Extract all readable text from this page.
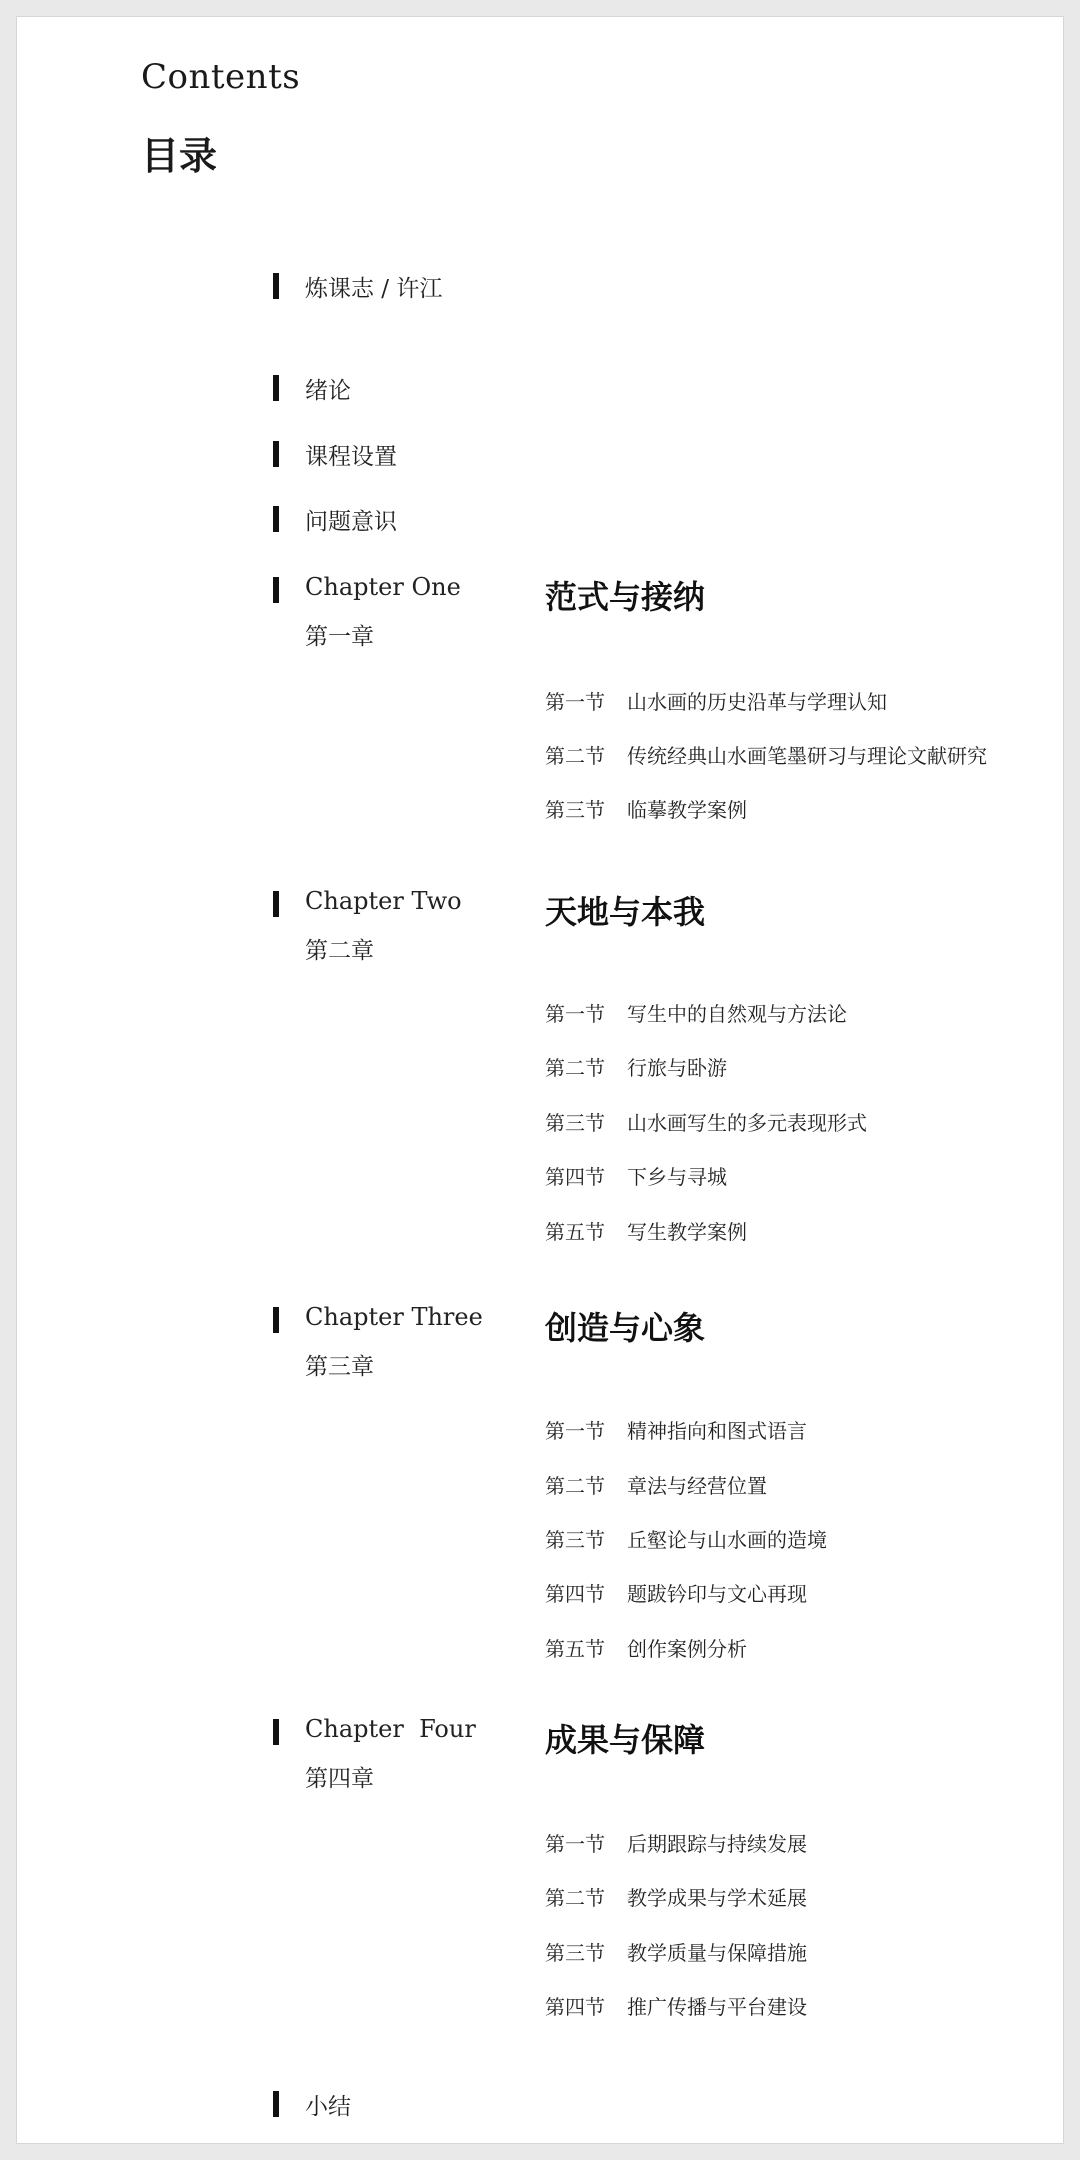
Contents
目录
炼课志 / 许江
绪论
课程设置
问题意识
Chapter One
第一章
范式与接纳
第一节 山水画的历史沿革与学理认知
第二节 传统经典山水画笔墨研习与理论文献研究
第三节 临摹教学案例
Chapter Two
第二章
天地与本我
第一节 写生中的自然观与方法论
第二节 行旅与卧游
第三节 山水画写生的多元表现形式
第四节 下乡与寻城
第五节 写生教学案例
Chapter Three
第三章
创造与心象
第一节 精神指向和图式语言
第二节 章法与经营位置
第三节 丘壑论与山水画的造境
第四节 题跋钤印与文心再现
第五节 创作案例分析
Chapter  Four
第四章
成果与保障
第一节 后期跟踪与持续发展
第二节 教学成果与学术延展
第三节 教学质量与保障措施
第四节 推广传播与平台建设
小结
